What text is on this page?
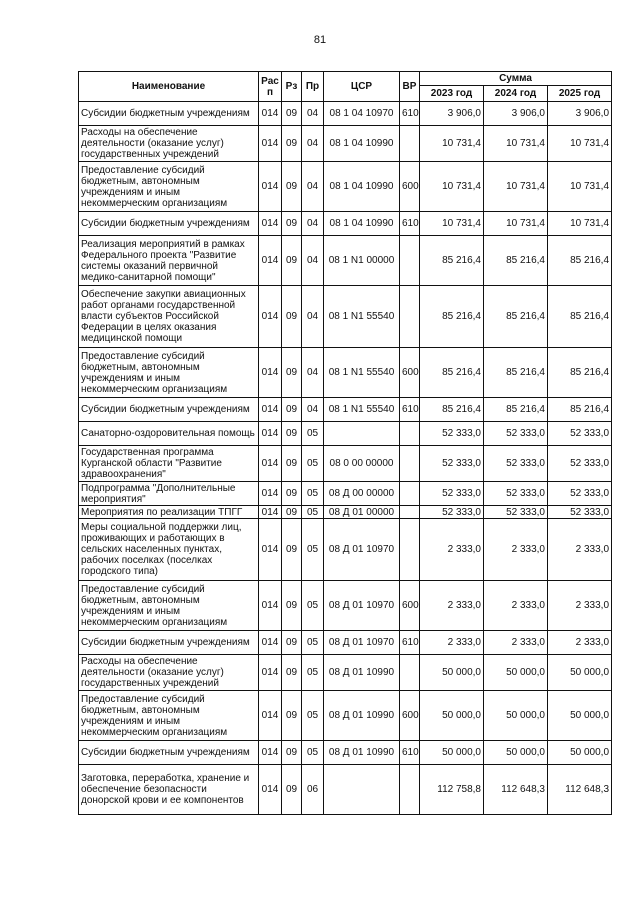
81
Наименование	Рас п	Рз	Пр	ЦСР	ВР	Сумма		
						2023 год	2024 год	2025 год
Субсидии бюджетным учреждениям	014	09	04	08 1 04 10970	610	3 906,0	3 906,0	3 906,0
Расходы на обеспечение деятельности (оказание услуг) государственных учреждений	014	09	04	08 1 04 10990		10 731,4	10 731,4	10 731,4
Предоставление субсидий бюджетным, автономным учреждениям и иным некоммерческим организациям	014	09	04	08 1 04 10990	600	10 731,4	10 731,4	10 731,4
Субсидии бюджетным учреждениям	014	09	04	08 1 04 10990	610	10 731,4	10 731,4	10 731,4
Реализация мероприятий в рамках Федерального проекта "Развитие системы оказаний первичной медико-санитарной помощи"	014	09	04	08 1 N1 00000		85 216,4	85 216,4	85 216,4
Обеспечение закупки авиационных работ органами государственной власти субъектов Российской Федерации в целях оказания медицинской помощи	014	09	04	08 1 N1 55540		85 216,4	85 216,4	85 216,4
Предоставление субсидий бюджетным, автономным учреждениям и иным некоммерческим организациям	014	09	04	08 1 N1 55540	600	85 216,4	85 216,4	85 216,4
Субсидии бюджетным учреждениям	014	09	04	08 1 N1 55540	610	85 216,4	85 216,4	85 216,4
Санаторно-оздоровительная помощь	014	09	05			52 333,0	52 333,0	52 333,0
Государственная программа Курганской области "Развитие здравоохранения"	014	09	05	08 0 00 00000		52 333,0	52 333,0	52 333,0
Подпрограмма "Дополнительные мероприятия"	014	09	05	08 Д 00 00000		52 333,0	52 333,0	52 333,0
Мероприятия по реализации ТПГГ	014	09	05	08 Д 01 00000		52 333,0	52 333,0	52 333,0
Меры социальной поддержки лиц, проживающих и работающих в сельских населенных пунктах, рабочих поселках (поселках городского типа)	014	09	05	08 Д 01 10970		2 333,0	2 333,0	2 333,0
Предоставление субсидий бюджетным, автономным учреждениям и иным некоммерческим организациям	014	09	05	08 Д 01 10970	600	2 333,0	2 333,0	2 333,0
Субсидии бюджетным учреждениям	014	09	05	08 Д 01 10970	610	2 333,0	2 333,0	2 333,0
Расходы на обеспечение деятельности (оказание услуг) государственных учреждений	014	09	05	08 Д 01 10990		50 000,0	50 000,0	50 000,0
Предоставление субсидий бюджетным, автономным учреждениям и иным некоммерческим организациям	014	09	05	08 Д 01 10990	600	50 000,0	50 000,0	50 000,0
Субсидии бюджетным учреждениям	014	09	05	08 Д 01 10990	610	50 000,0	50 000,0	50 000,0
Заготовка, переработка, хранение и обеспечение безопасности донорской крови и ее компонентов	014	09	06			112 758,8	112 648,3	112 648,3
